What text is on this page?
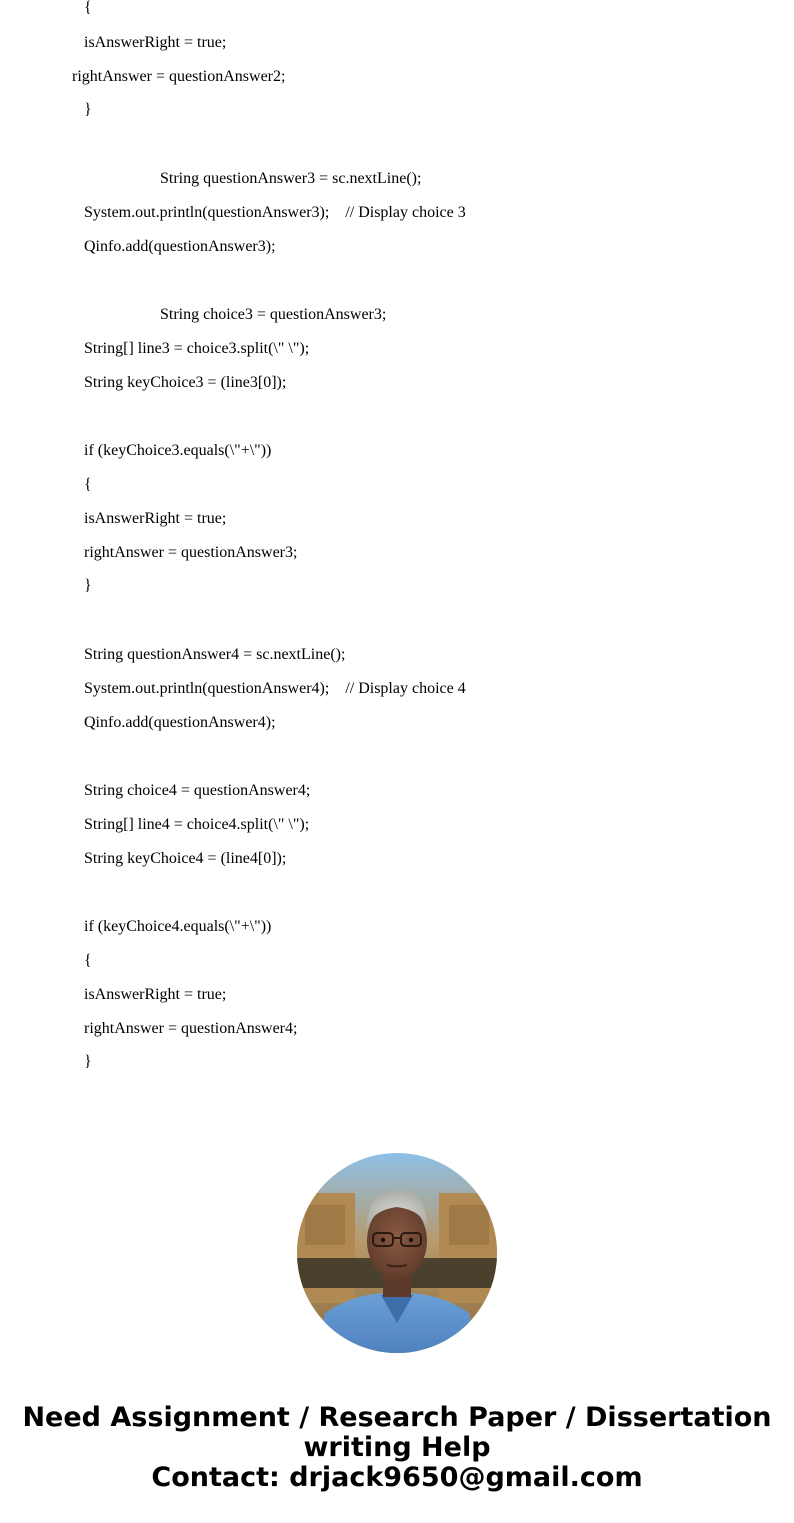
{
isAnswerRight = true;
rightAnswer = questionAnswer2;
}
String questionAnswer3 = sc.nextLine();
System.out.println(questionAnswer3);    // Display choice 3
Qinfo.add(questionAnswer3);
String choice3 = questionAnswer3;
String[] line3 = choice3.split(\" \");
String keyChoice3 = (line3[0]);
if (keyChoice3.equals(\"+\"))
{
isAnswerRight = true;
rightAnswer = questionAnswer3;
}
String questionAnswer4 = sc.nextLine();
System.out.println(questionAnswer4);    // Display choice 4
Qinfo.add(questionAnswer4);
String choice4 = questionAnswer4;
String[] line4 = choice4.split(\" \");
String keyChoice4 = (line4[0]);
if (keyChoice4.equals(\"+\"))
{
isAnswerRight = true;
rightAnswer = questionAnswer4;
}
Need Assignment / Research Paper / Dissertation
writing Help
Contact: drjack9650@gmail.com
